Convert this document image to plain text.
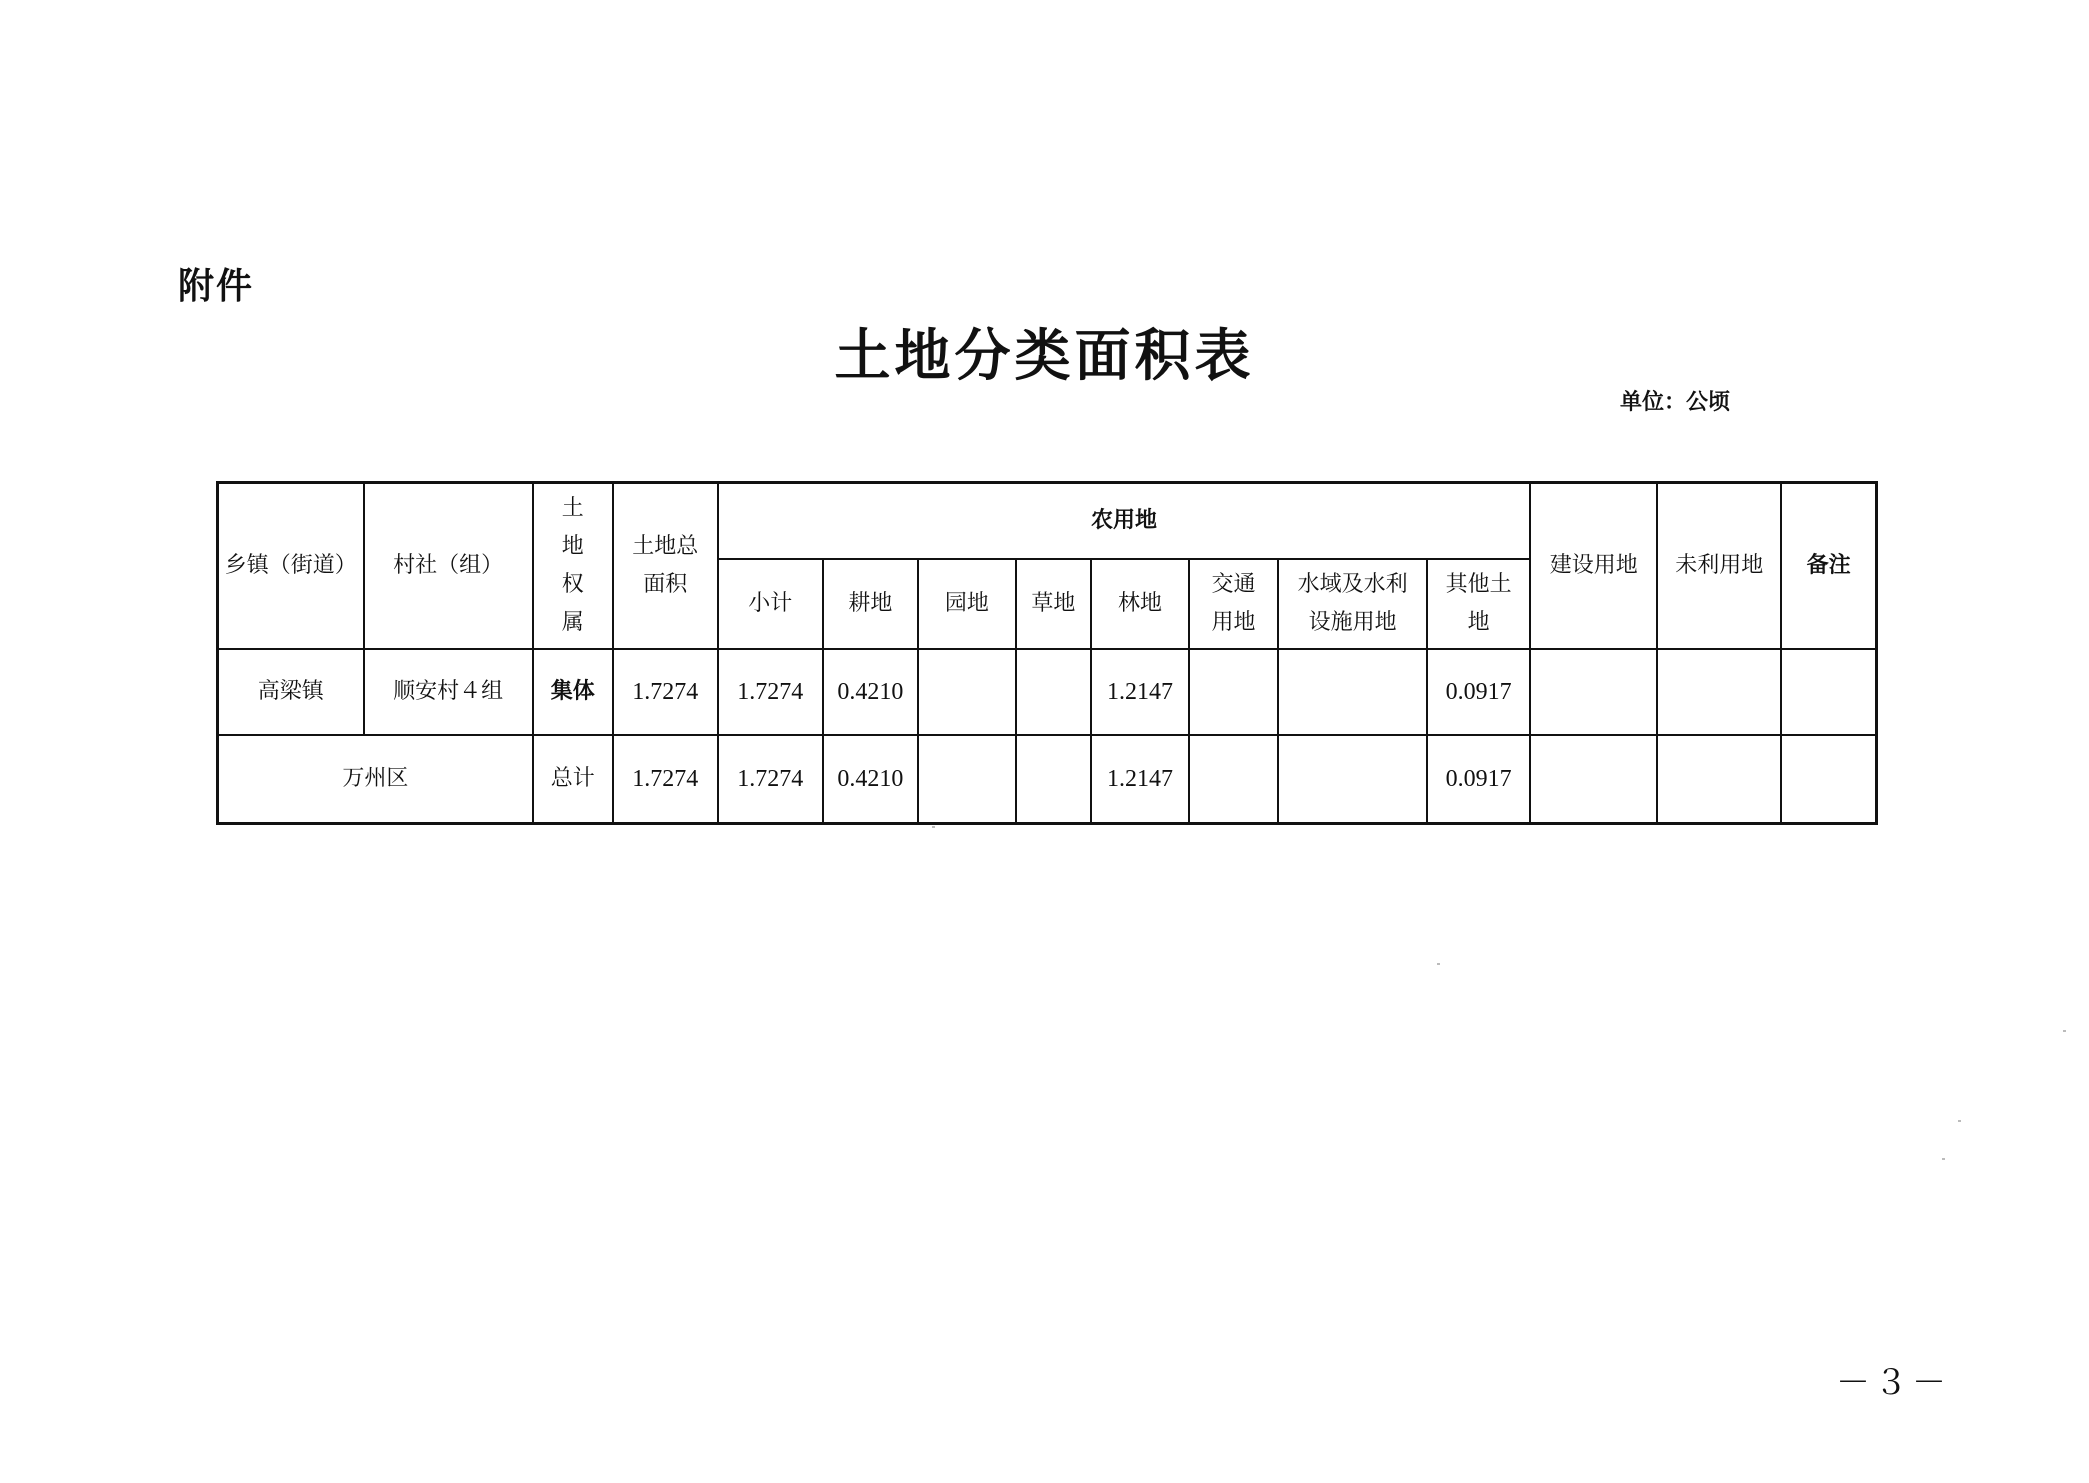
附件
土地分类面积表
单位：公顷
乡镇（街道）	村社（组）	土地权属	土地总面积	农用地								建设用地	未利用地	备注
				小计	耕地	园地	草地	林地	交通用地	水域及水利设施用地	其他土地			
高梁镇	顺安村４组	集体	1.7274	1.7274	0.4210			1.2147			0.0917			
万州区		总计	1.7274	1.7274	0.4210			1.2147			0.0917			
－３－
